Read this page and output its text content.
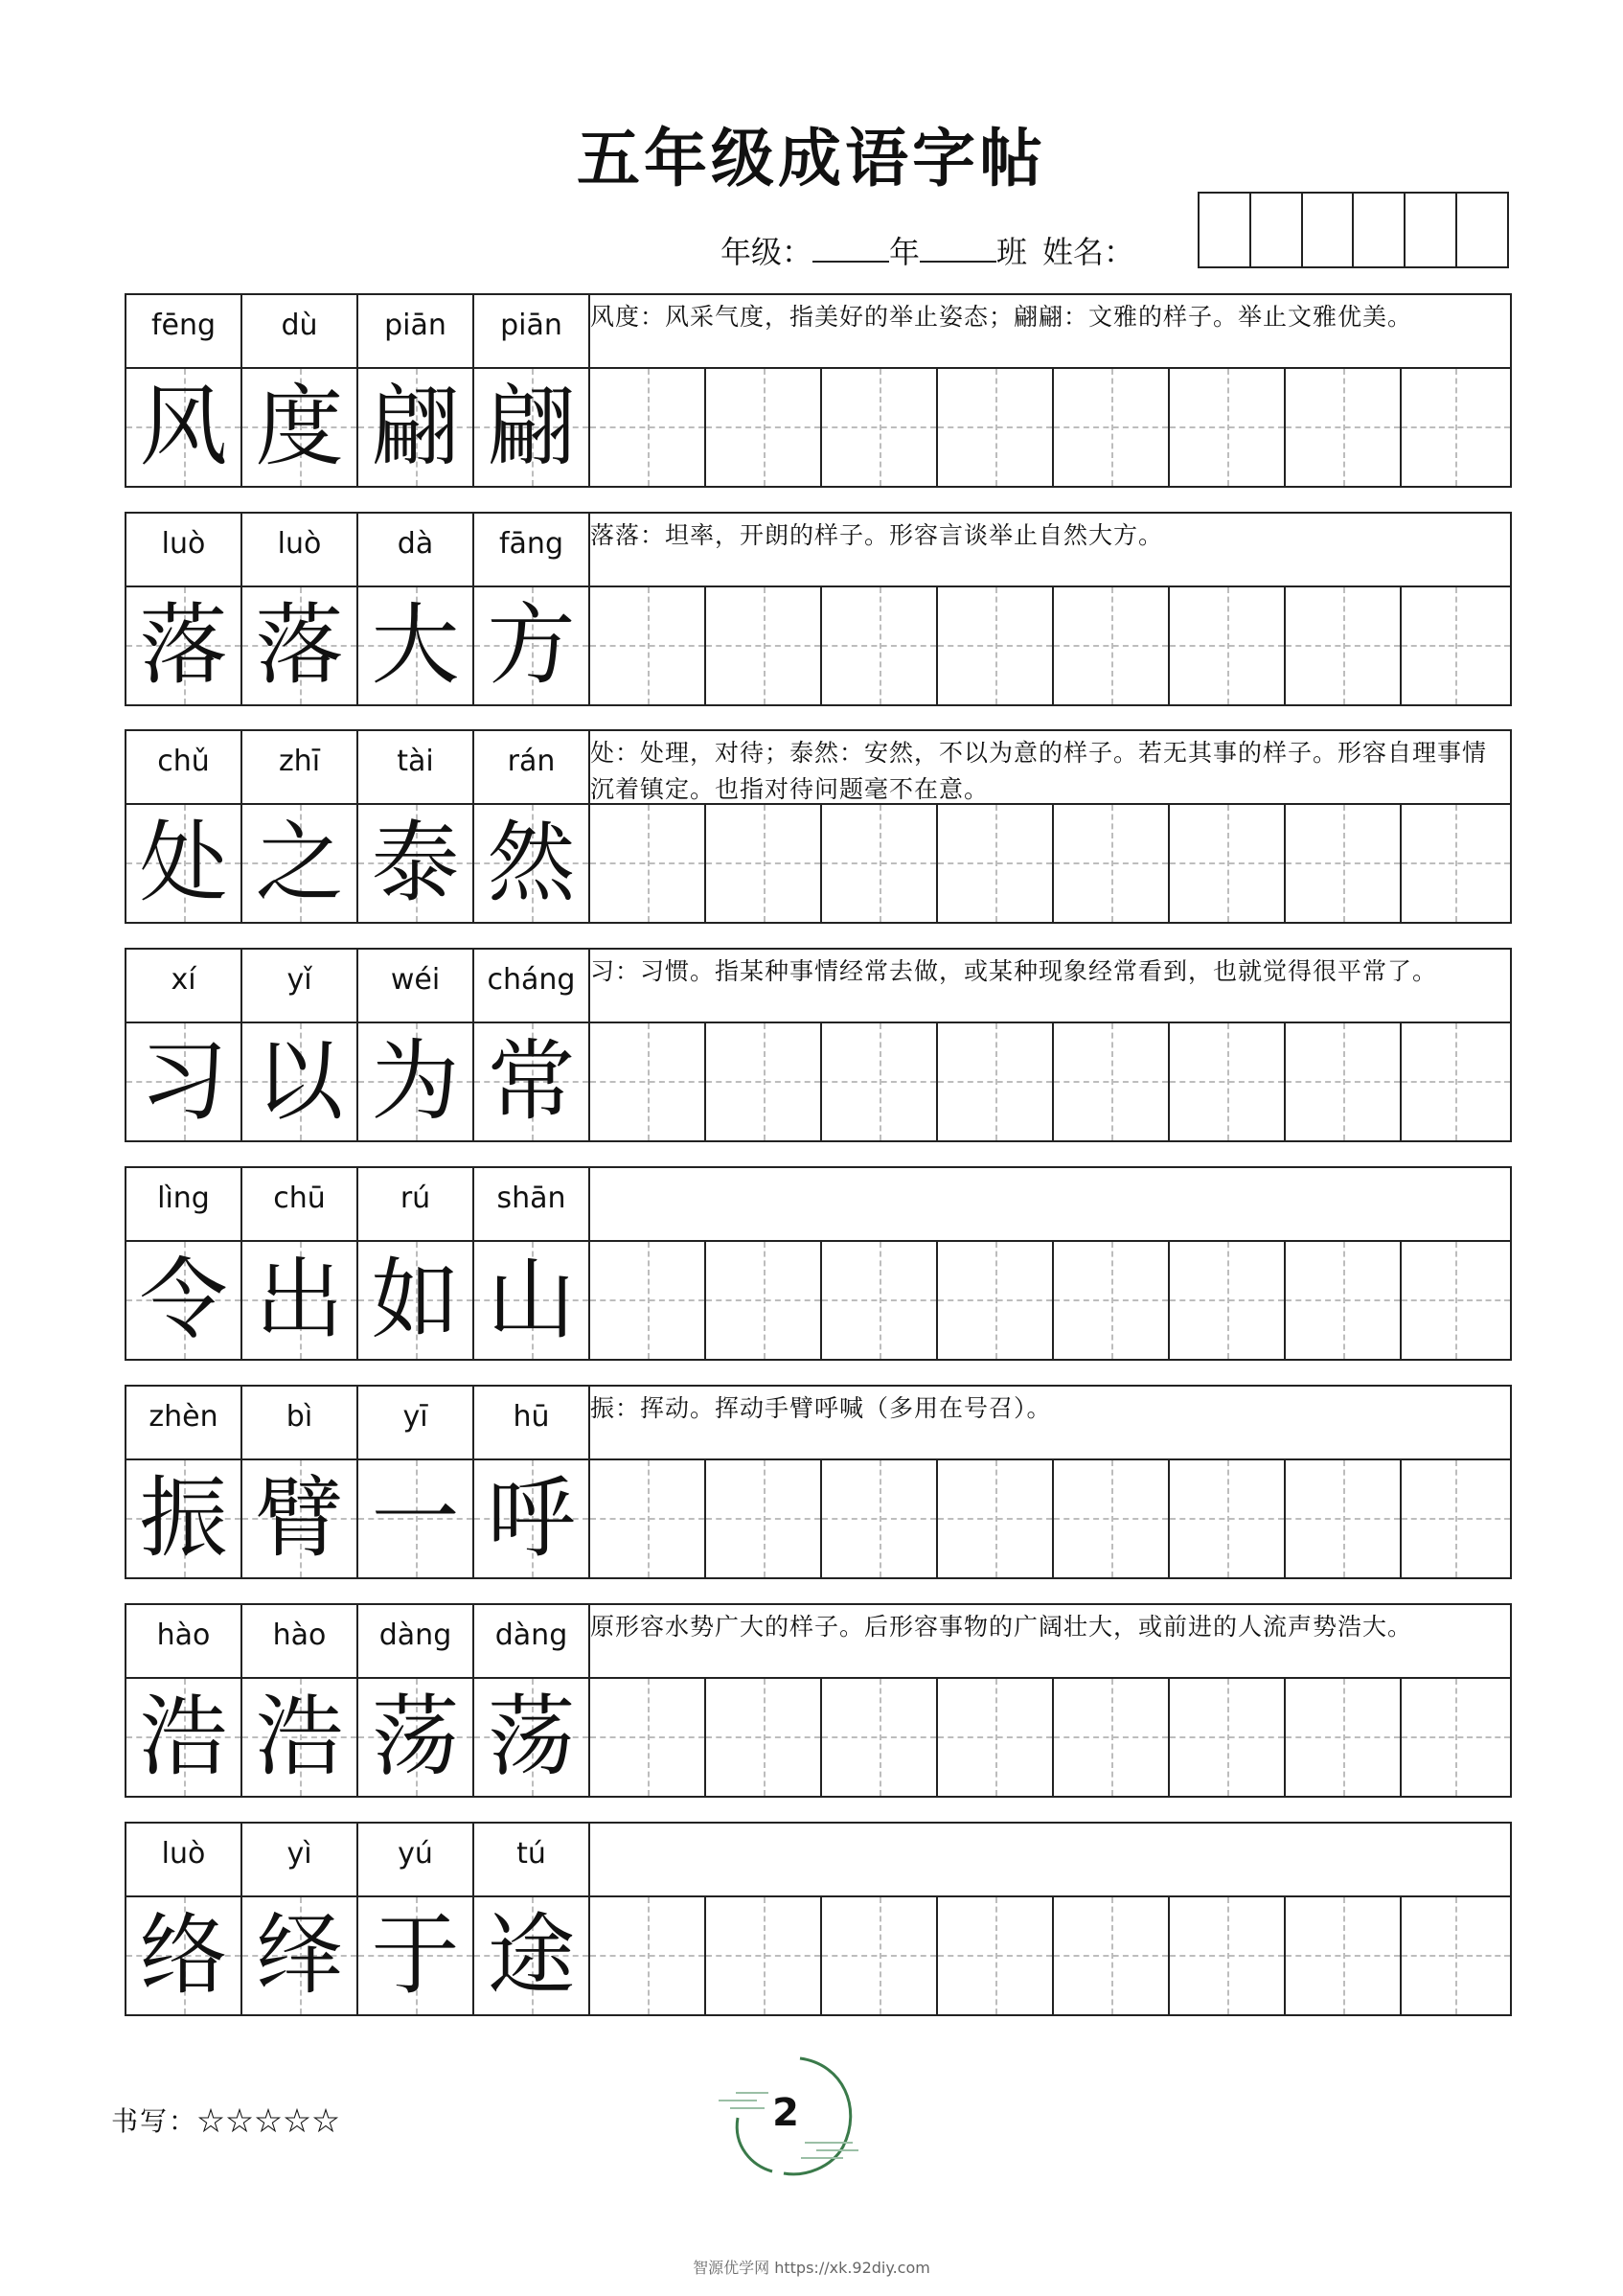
五年级成语字帖
年级：	年	班 姓名：
fēng	dù	piān	piān	风度：风采气度，指美好的举止姿态；翩翩：文雅的样子。举止文雅优美。
风 度 翩 翩
luò	luò	dà	fāng	落落：坦率，开朗的样子。形容言谈举止自然大方。
落 落 大 方
chǔ	zhī	tài	rán	处：处理，对待；泰然：安然，不以为意的样子。若无其事的样子。形容自理事情沉着镇定。也指对待问题毫不在意。
处 之 泰 然
xí	yǐ	wéi	cháng 习：习惯。指某种事情经常去做，或某种现象经常看到，也就觉得很平常了。
习 以 为 常
lìng	chū	rú	shān
令 出 如 山
zhèn	bì	yī	hū	振：挥动。挥动手臂呼喊（多用在号召）。
振 臂 一 呼
hào	hào	dàng	dàng 原形容水势广大的样子。后形容事物的广阔壮大，或前进的人流声势浩大。
浩 浩 荡 荡
luò	yì	yú	tú
络 绎 于 途
书写：☆☆☆☆☆	2
智源优学网 https://xk.92diy.com
